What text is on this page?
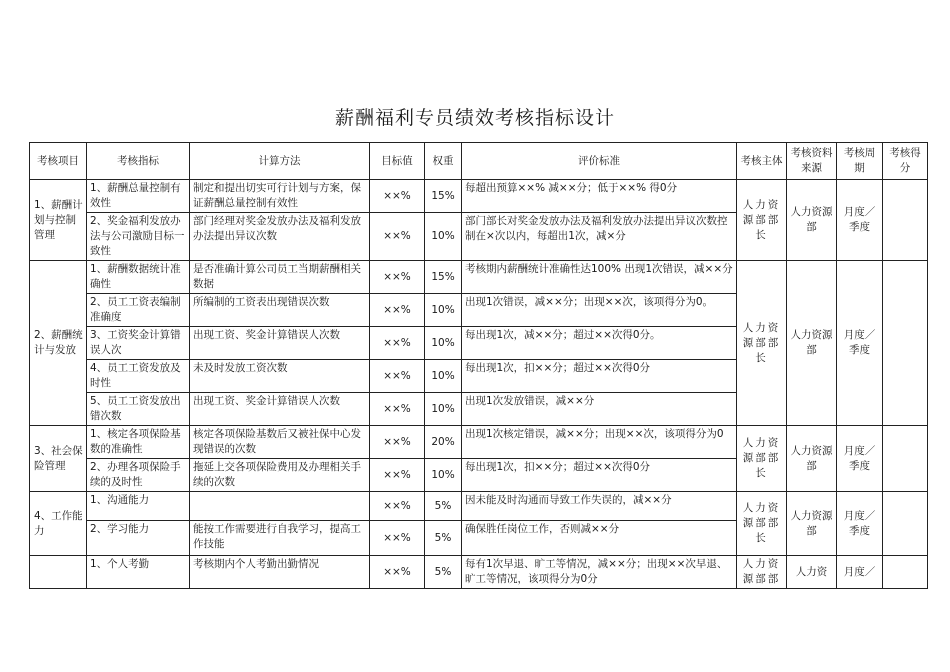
薪酬福利专员绩效考核指标设计
考核项目	考核指标	计算方法	目标值	权重	评价标准	考核主体	考核资料来源	考核周期	考核得分
1、薪酬计划与控制管理	1、薪酬总量控制有效性	制定和提出切实可行计划与方案，保证薪酬总量控制有效性	××%	15%	每超出预算××% 减××分；低于××% 得0分	人力资源部部长	人力资源部	月度／季度	
	2、奖金福利发放办法与公司激励目标一致性	部门经理对奖金发放办法及福利发放办法提出异议次数	××%	10%	部门部长对奖金发放办法及福利发放办法提出异议次数控制在×次以内，每超出1次，减×分				
2、薪酬统计与发放	1、薪酬数据统计准确性	是否准确计算公司员工当期薪酬相关数据	××%	15%	考核期内薪酬统计准确性达100% 出现1次错误，减××分	人力资源部部长	人力资源部	月度／季度	
	2、员工工资表编制准确度	所编制的工资表出现错误次数	××%	10%	出现1次错误，减××分；出现××次，该项得分为0。				
	3、工资奖金计算错误人次	出现工资、奖金计算错误人次数	××%	10%	每出现1次，减××分；超过××次得0分。				
	4、员工工资发放及时性	未及时发放工资次数	××%	10%	每出现1次，扣××分；超过××次得0分				
	5、员工工资发放出错次数	出现工资、奖金计算错误人次数	××%	10%	出现1次发放错误，减××分				
3、社会保险管理	1、核定各项保险基数的准确性	核定各项保险基数后又被社保中心发现错误的次数	××%	20%	出现1次核定错误，减××分；出现××次，该项得分为0	人力资源部部长	人力资源部	月度／季度	
	2、办理各项保险手续的及时性	拖延上交各项保险费用及办理相关手续的次数	××%	10%	每出现1次，扣××分；超过××次得0分				
4、工作能力	1、沟通能力		××%	5%	因未能及时沟通而导致工作失误的，减××分	人力资源部部长	人力资源部	月度／季度	
	2、学习能力	能按工作需要进行自我学习，提高工作技能	××%	5%	确保胜任岗位工作，否则减××分				
	1、个人考勤	考核期内个人考勤出勤情况	××%	5%	每有1次早退、旷工等情况，减××分；出现××次早退、旷工等情况，该项得分为0分	人力资源部部	人力资	月度／	
